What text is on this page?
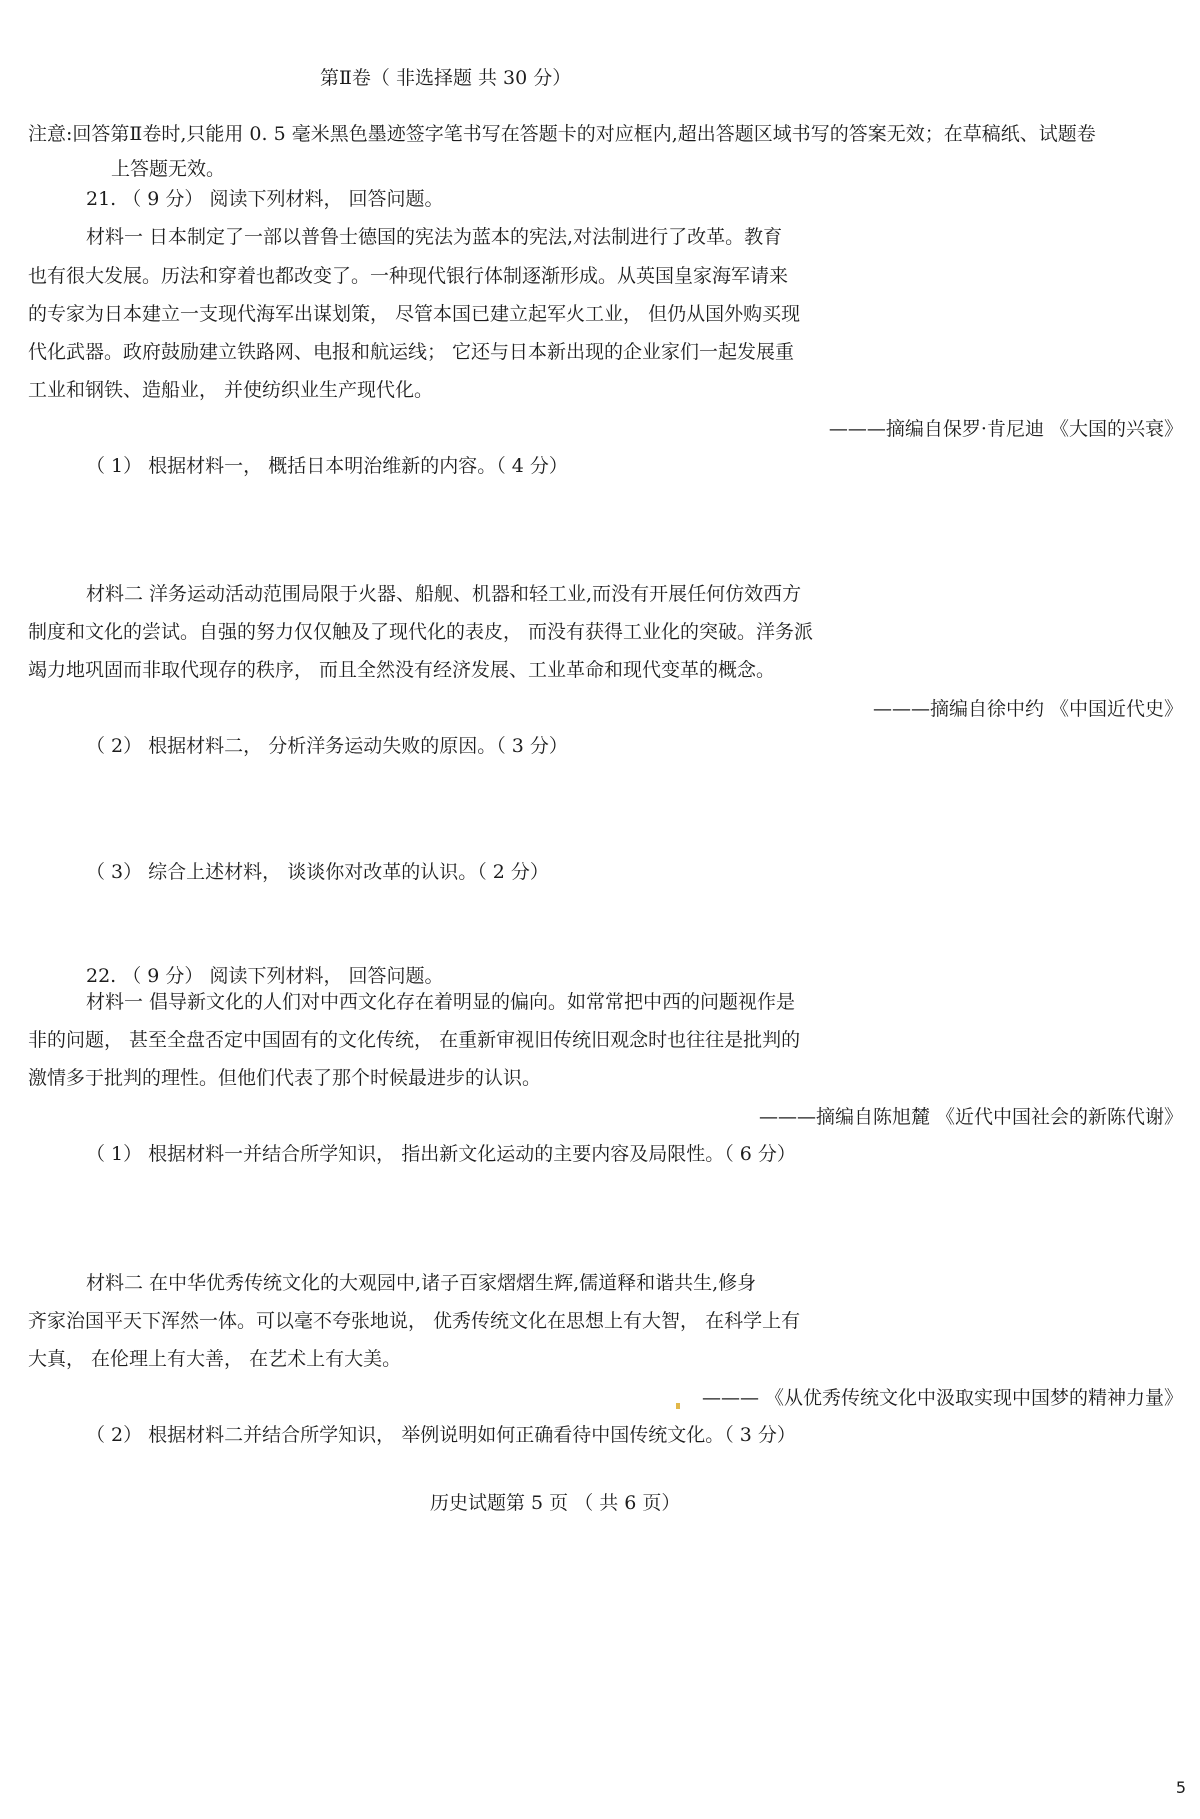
第Ⅱ卷（ 非选择题 共 30 分）
注意:回答第Ⅱ卷时,只能用 0. 5 毫米黑色墨迹签字笔书写在答题卡的对应框内,超出答题区域书写的答案无效；在草稿纸、试题卷
上答题无效。
21. （ 9 分） 阅读下列材料， 回答问题。
材料一 日本制定了一部以普鲁士德国的宪法为蓝本的宪法,对法制进行了改革。教育
也有很大发展。历法和穿着也都改变了。一种现代银行体制逐渐形成。从英国皇家海军请来
的专家为日本建立一支现代海军出谋划策， 尽管本国已建立起军火工业， 但仍从国外购买现
代化武器。政府鼓励建立铁路网、电报和航运线； 它还与日本新出现的企业家们一起发展重
工业和钢铁、造船业， 并使纺织业生产现代化。
———摘编自保罗·肯尼迪 《大国的兴衰》
（ 1） 根据材料一， 概括日本明治维新的内容。（ 4 分）
材料二 洋务运动活动范围局限于火器、船舰、机器和轻工业,而没有开展任何仿效西方
制度和文化的尝试。自强的努力仅仅触及了现代化的表皮， 而没有获得工业化的突破。洋务派
竭力地巩固而非取代现存的秩序， 而且全然没有经济发展、工业革命和现代变革的概念。
———摘编自徐中约 《中国近代史》
（ 2） 根据材料二， 分析洋务运动失败的原因。（ 3 分）
（ 3） 综合上述材料， 谈谈你对改革的认识。（ 2 分）
22. （ 9 分） 阅读下列材料， 回答问题。
材料一 倡导新文化的人们对中西文化存在着明显的偏向。如常常把中西的问题视作是
非的问题， 甚至全盘否定中国固有的文化传统， 在重新审视旧传统旧观念时也往往是批判的
激情多于批判的理性。但他们代表了那个时候最进步的认识。
———摘编自陈旭麓 《近代中国社会的新陈代谢》
（ 1） 根据材料一并结合所学知识， 指出新文化运动的主要内容及局限性。（ 6 分）
材料二 在中华优秀传统文化的大观园中,诸子百家熠熠生辉,儒道释和谐共生,修身
齐家治国平天下浑然一体。可以毫不夸张地说， 优秀传统文化在思想上有大智， 在科学上有
大真， 在伦理上有大善， 在艺术上有大美。
——— 《从优秀传统文化中汲取实现中国梦的精神力量》
（ 2） 根据材料二并结合所学知识， 举例说明如何正确看待中国传统文化。（ 3 分）
历史试题第 5 页 （ 共 6 页）
5
